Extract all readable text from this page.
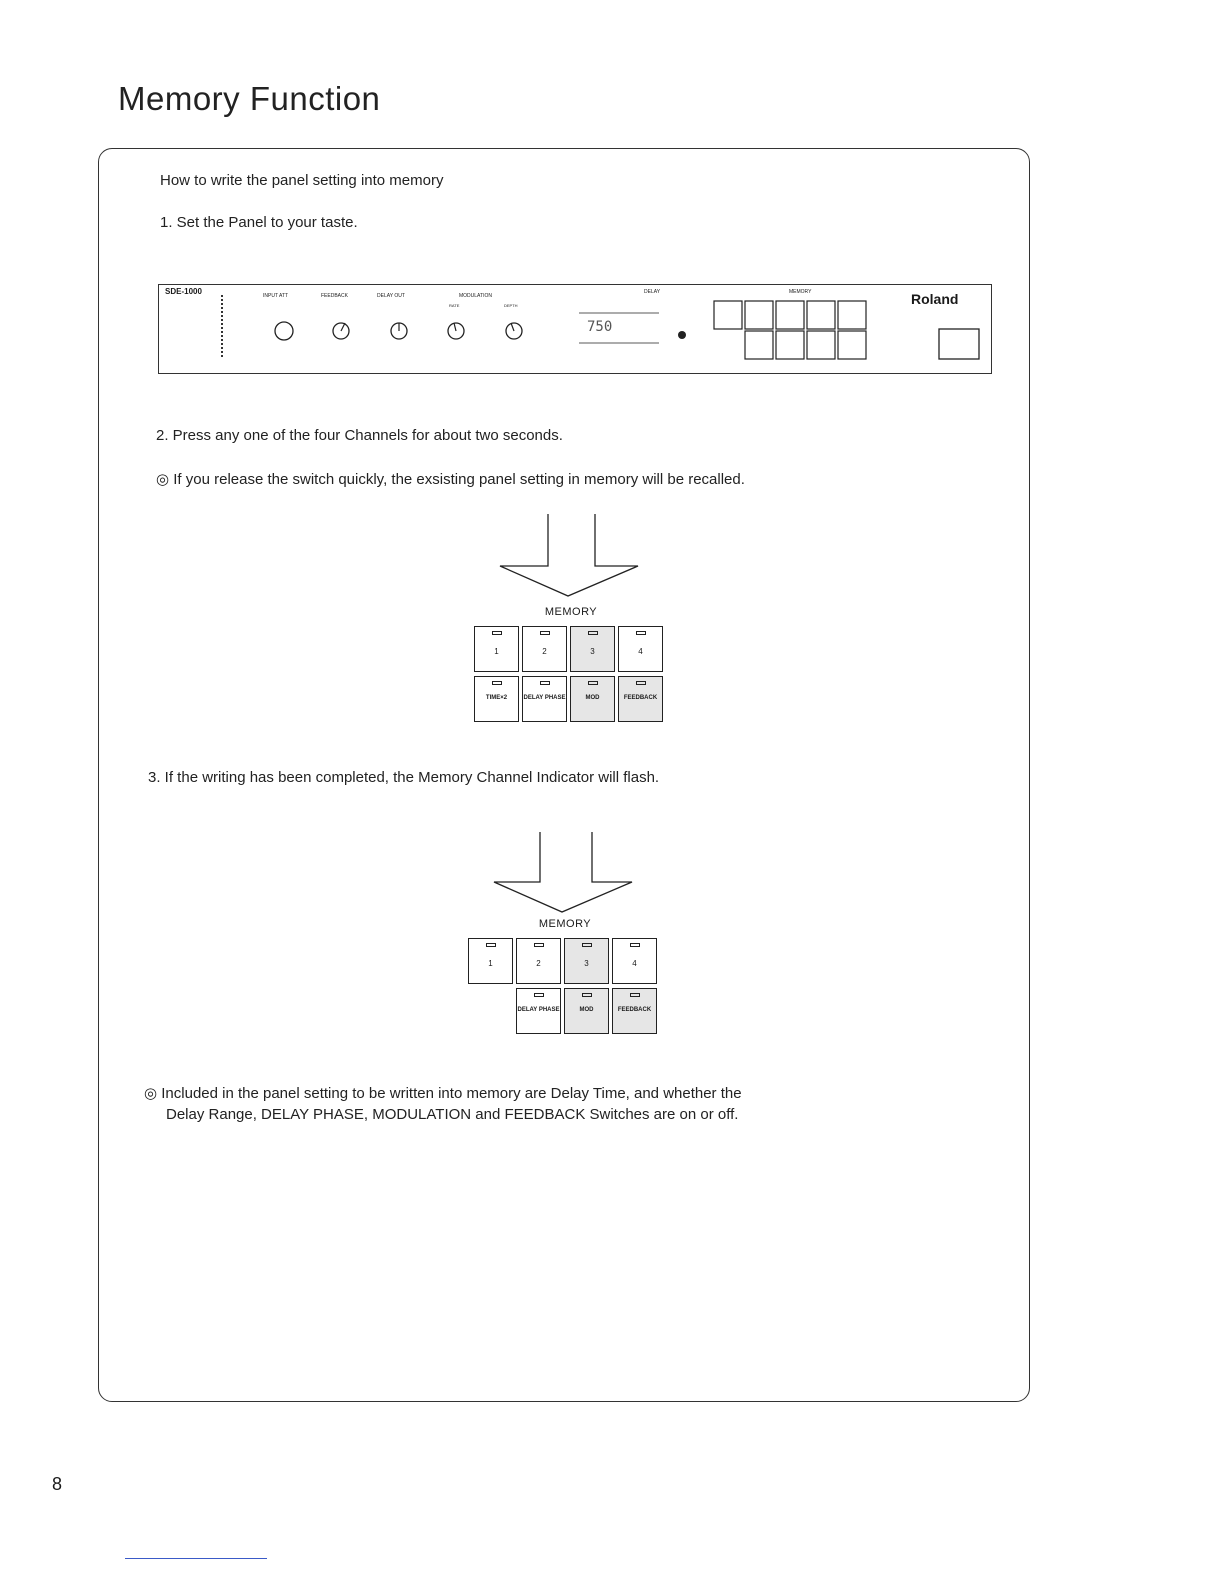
Memory Function
How to write the panel setting into memory
1. Set the Panel to your taste.
SDE-1000	INPUT ATT	FEEDBACK	DELAY OUT	MODULATION
RATE	DEPTH
DELAY	MEMORY
750
Roland
2. Press any one of the four Channels for about two seconds.
◎ If you release the switch quickly, the exsisting panel setting in memory will be recalled.
MEMORY
1	2	3	4
TIME×2	DELAY PHASE	MOD	FEEDBACK
3. If the writing has been completed, the Memory Channel Indicator will flash.
MEMORY
1	2	3	4
DELAY PHASE	MOD	FEEDBACK
◎ Included in the panel setting to be written into memory are Delay Time, and whether the
Delay Range, DELAY PHASE, MODULATION and FEEDBACK Switches are on or off.
8
